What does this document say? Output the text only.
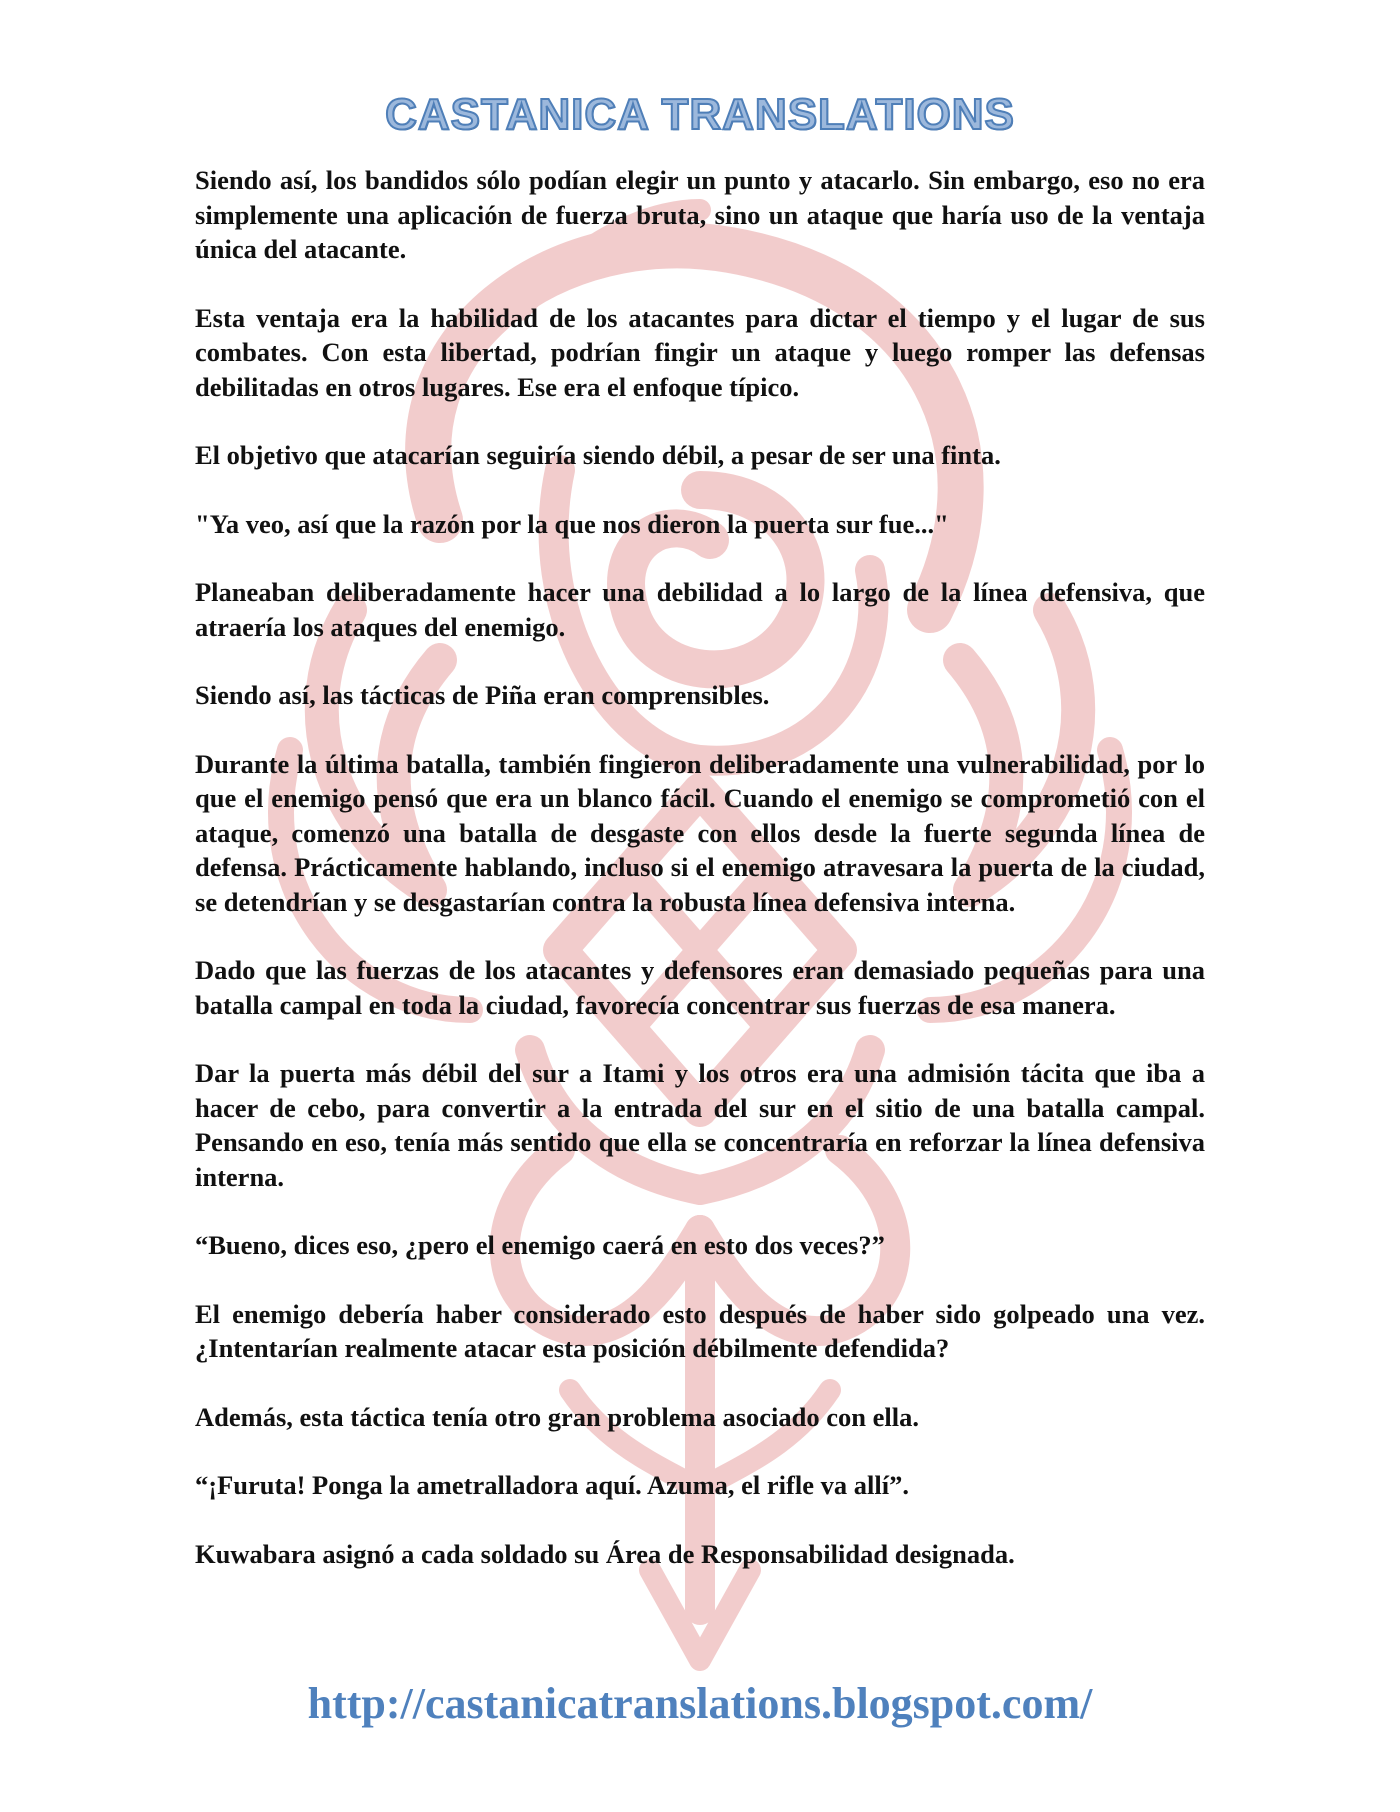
CASTANICA TRANSLATIONS

Siendo así, los bandidos sólo podían elegir un punto y atacarlo. Sin embargo, eso no era simplemente una aplicación de fuerza bruta, sino un ataque que haría uso de la ventaja única del atacante.

Esta ventaja era la habilidad de los atacantes para dictar el tiempo y el lugar de sus combates. Con esta libertad, podrían fingir un ataque y luego romper las defensas debilitadas en otros lugares. Ese era el enfoque típico.

El objetivo que atacarían seguiría siendo débil, a pesar de ser una finta.

"Ya veo, así que la razón por la que nos dieron la puerta sur fue..."

Planeaban deliberadamente hacer una debilidad a lo largo de la línea defensiva, que atraería los ataques del enemigo.

Siendo así, las tácticas de Piña eran comprensibles.

Durante la última batalla, también fingieron deliberadamente una vulnerabilidad, por lo que el enemigo pensó que era un blanco fácil. Cuando el enemigo se comprometió con el ataque, comenzó una batalla de desgaste con ellos desde la fuerte segunda línea de defensa. Prácticamente hablando, incluso si el enemigo atravesara la puerta de la ciudad, se detendrían y se desgastarían contra la robusta línea defensiva interna.

Dado que las fuerzas de los atacantes y defensores eran demasiado pequeñas para una batalla campal en toda la ciudad, favorecía concentrar sus fuerzas de esa manera.

Dar la puerta más débil del sur a Itami y los otros era una admisión tácita que iba a hacer de cebo, para convertir a la entrada del sur en el sitio de una batalla campal. Pensando en eso, tenía más sentido que ella se concentraría en reforzar la línea defensiva interna.

“Bueno, dices eso, ¿pero el enemigo caerá en esto dos veces?”

El enemigo debería haber considerado esto después de haber sido golpeado una vez. ¿Intentarían realmente atacar esta posición débilmente defendida?

Además, esta táctica tenía otro gran problema asociado con ella.

“¡Furuta! Ponga la ametralladora aquí. Azuma, el rifle va allí”.

Kuwabara asignó a cada soldado su Área de Responsabilidad designada.

http://castanicatranslations.blogspot.com/
